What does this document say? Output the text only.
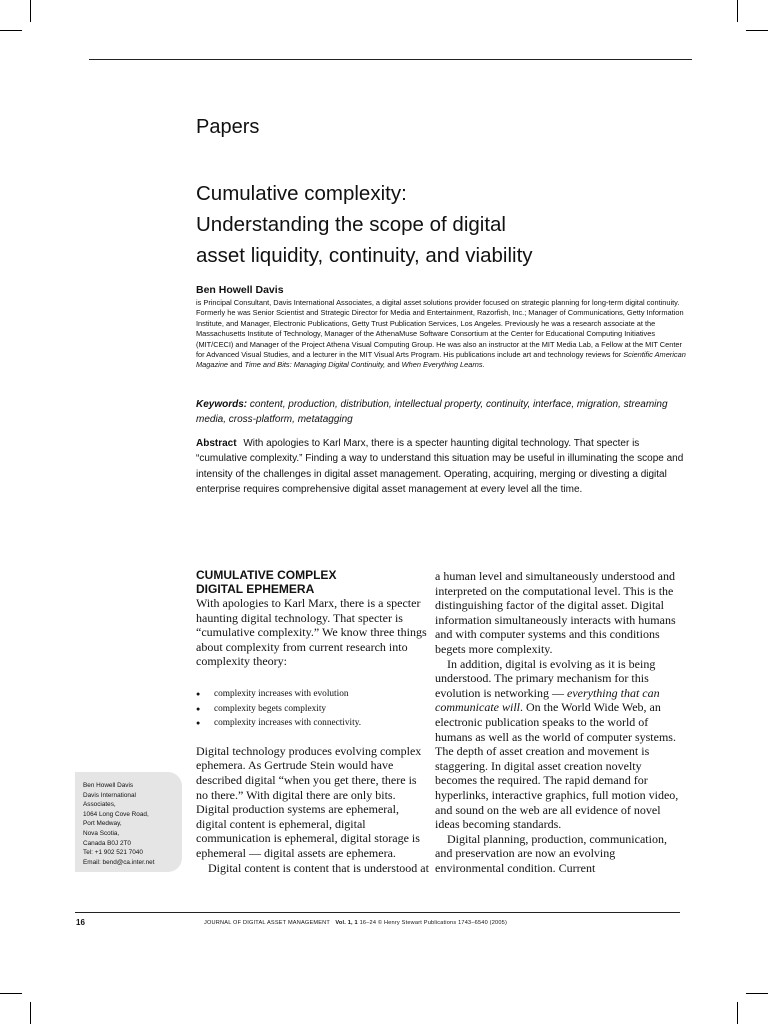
Papers
Cumulative complexity:
Understanding the scope of digital
asset liquidity, continuity, and viability
Ben Howell Davis
is Principal Consultant, Davis International Associates, a digital asset solutions provider focused on strategic planning for long-term digital continuity. Formerly he was Senior Scientist and Strategic Director for Media and Entertainment, Razorfish, Inc.; Manager of Communications, Getty Information Institute, and Manager, Electronic Publications, Getty Trust Publication Services, Los Angeles. Previously he was a research associate at the Massachusetts Institute of Technology, Manager of the AthenaMuse Software Consortium at the Center for Educational Computing Initiatives (MIT/CECI) and Manager of the Project Athena Visual Computing Group. He was also an instructor at the MIT Media Lab, a Fellow at the MIT Center for Advanced Visual Studies, and a lecturer in the MIT Visual Arts Program. His publications include art and technology reviews for Scientific American Magazine and Time and Bits: Managing Digital Continuity, and When Everything Learns.
Keywords: content, production, distribution, intellectual property, continuity, interface, migration, streaming media, cross-platform, metatagging
Abstract With apologies to Karl Marx, there is a specter haunting digital technology. That specter is “cumulative complexity.” Finding a way to understand this situation may be useful in illuminating the scope and intensity of the challenges in digital asset management. Operating, acquiring, merging or divesting a digital enterprise requires comprehensive digital asset management at every level all the time.
CUMULATIVE COMPLEX
DIGITAL EPHEMERA

With apologies to Karl Marx, there is a specter haunting digital technology. That specter is “cumulative complexity.” We know three things about complexity from current research into complexity theory:

● complexity increases with evolution
● complexity begets complexity
● complexity increases with connectivity.

Digital technology produces evolving complex ephemera. As Gertrude Stein would have described digital “when you get there, there is no there.” With digital there are only bits. Digital production systems are ephemeral, digital content is ephemeral, digital communication is ephemeral, digital storage is ephemeral — digital assets are ephemera.

Digital content is content that is understood at

a human level and simultaneously understood and interpreted on the computational level. This is the distinguishing factor of the digital asset. Digital information simultaneously interacts with humans and with computer systems and this conditions begets more complexity.

In addition, digital is evolving as it is being understood. The primary mechanism for this evolution is networking — everything that can communicate will. On the World Wide Web, an electronic publication speaks to the world of humans as well as the world of computer systems. The depth of asset creation and movement is staggering. In digital asset creation novelty becomes the required. The rapid demand for hyperlinks, interactive graphics, full motion video, and sound on the web are all evidence of novel ideas becoming standards.

Digital planning, production, communication, and preservation are now an evolving environmental condition. Current

Ben Howell Davis
Davis International
Associates,
1064 Long Cove Road,
Port Medway,
Nova Scotia,
Canada B0J 2T0
Tel: +1 902 521 7040
Email: bend@ca.inter.net
16	JOURNAL OF DIGITAL ASSET MANAGEMENT Vol. 1, 1 16–24 © Henry Stewart Publications 1743–6540 (2005)
